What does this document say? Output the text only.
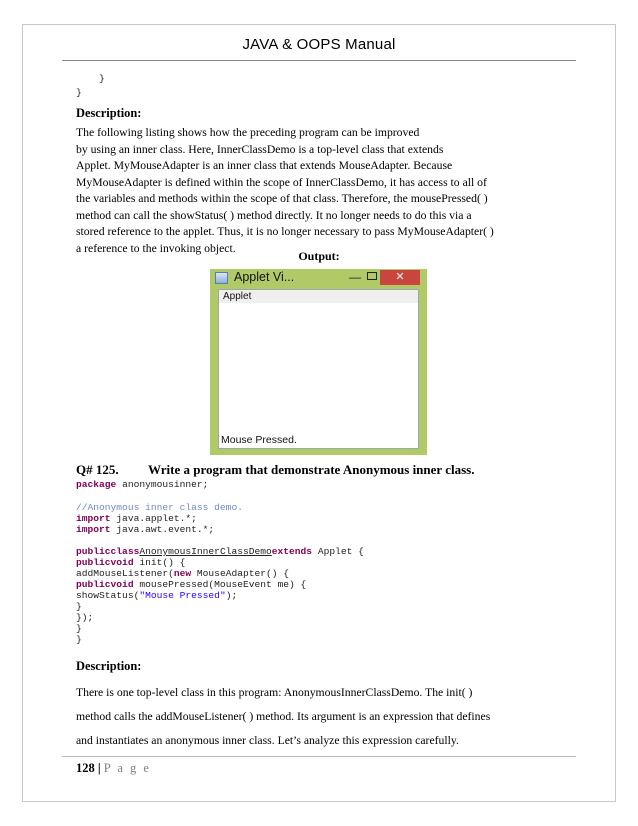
JAVA & OOPS Manual
}
}
Description:
The following listing shows how the preceding program can be improved
by using an inner class. Here, InnerClassDemo is a top-level class that extends
Applet. MyMouseAdapter is an inner class that extends MouseAdapter. Because
MyMouseAdapter is defined within the scope of InnerClassDemo, it has access to all of
the variables and methods within the scope of that class. Therefore, the mousePressed( )
method can call the showStatus( ) method directly. It no longer needs to do this via a
stored reference to the applet. Thus, it is no longer necessary to pass MyMouseAdapter( )
a reference to the invoking object.
Output:
Applet Vi...	—	✕
Applet
Mouse Pressed.
Q# 125. Write a program that demonstrate Anonymous inner class.
package anonymousinner;
//Anonymous inner class demo.
import java.applet.*;
import java.awt.event.*;
publicclassAnonymousInnerClassDemoextends Applet {
publicvoid init() {
addMouseListener(new MouseAdapter() {
publicvoid mousePressed(MouseEvent me) {
showStatus("Mouse Pressed");
}
});
}
}
Description:
There is one top-level class in this program: AnonymousInnerClassDemo. The init( )
method calls the addMouseListener( ) method. Its argument is an expression that defines
and instantiates an anonymous inner class. Let’s analyze this expression carefully.
128 | P a g e
